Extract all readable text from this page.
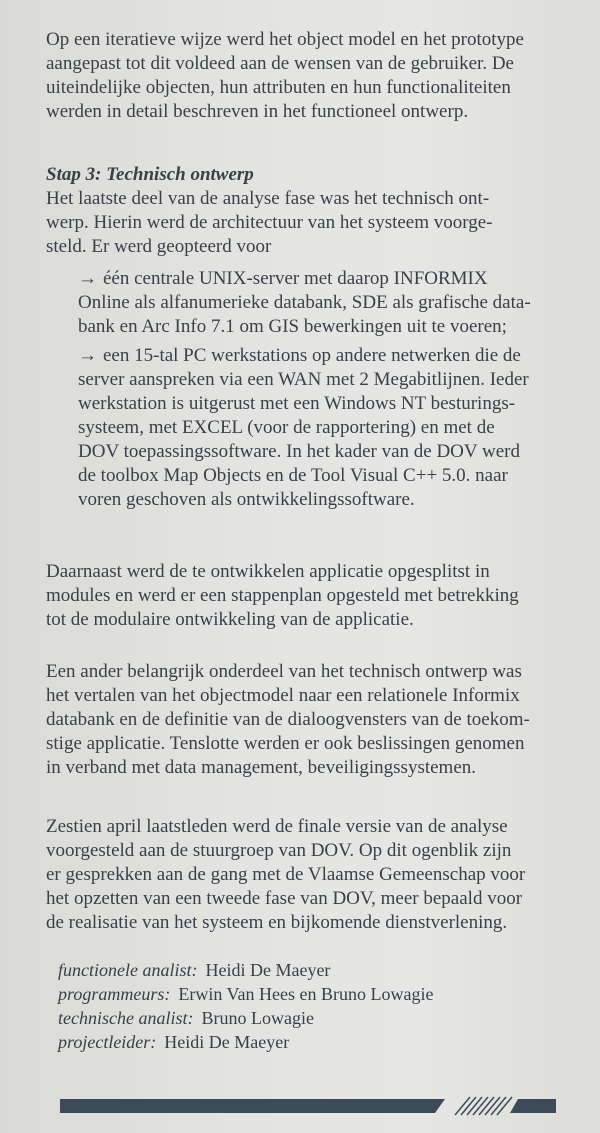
Op een iteratieve wijze werd het object model en het prototype

aangepast tot dit voldeed aan de wensen van de gebruiker. De

uiteindelijke objecten, hun attributen en hun functionaliteiten

werden in detail beschreven in het functioneel ontwerp.

Stap 3: Technisch ontwerp

Het laatste deel van de analyse fase was het technisch ont-

werp. Hierin werd de architectuur van het systeem voorge-

steld. Er werd geopteerd voor

→ één centrale UNIX-server met daarop INFORMIX

Online als alfanumerieke databank, SDE als grafische data-

bank en Arc Info 7.1 om GIS bewerkingen uit te voeren;

→ een 15-tal PC werkstations op andere netwerken die de

server aanspreken via een WAN met 2 Megabitlijnen. Ieder

werkstation is uitgerust met een Windows NT besturings-

systeem, met EXCEL (voor de rapportering) en met de

DOV toepassingssoftware. In het kader van de DOV werd

de toolbox Map Objects en de Tool Visual C++ 5.0. naar

voren geschoven als ontwikkelingssoftware.

Daarnaast werd de te ontwikkelen applicatie opgesplitst in

modules en werd er een stappenplan opgesteld met betrekking

tot de modulaire ontwikkeling van de applicatie.

Een ander belangrijk onderdeel van het technisch ontwerp was

het vertalen van het objectmodel naar een relationele Informix

databank en de definitie van de dialoogvensters van de toekom-

stige applicatie. Tenslotte werden er ook beslissingen genomen

in verband met data management, beveiligingssystemen.

Zestien april laatstleden werd de finale versie van de analyse

voorgesteld aan de stuurgroep van DOV. Op dit ogenblik zijn

er gesprekken aan de gang met de Vlaamse Gemeenschap voor

het opzetten van een tweede fase van DOV, meer bepaald voor

de realisatie van het systeem en bijkomende dienstverlening.

functionele analist: Heidi De Maeyer

programmeurs: Erwin Van Hees en Bruno Lowagie

technische analist: Bruno Lowagie

projectleider: Heidi De Maeyer
